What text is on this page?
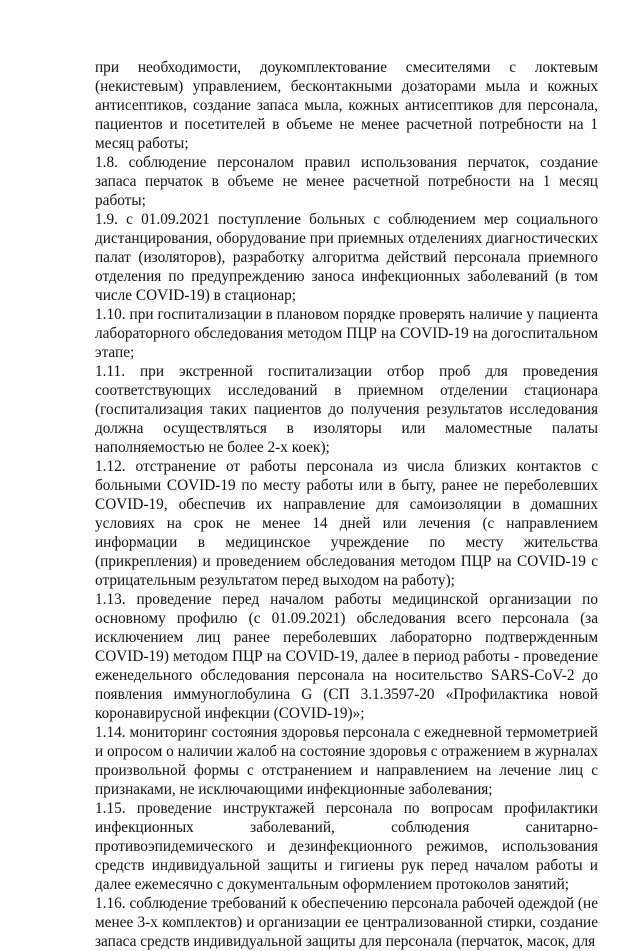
при необходимости, доукомплектование смесителями с локтевым (некистевым) управлением, бесконтакными дозаторами мыла и кожных антисептиков, создание запаса мыла, кожных антисептиков для персонала, пациентов и посетителей в объеме не менее расчетной потребности на 1 месяц работы;

1.8. соблюдение персоналом правил использования перчаток, создание запаса перчаток в объеме не менее расчетной потребности на 1 месяц работы;

1.9. с 01.09.2021 поступление больных с соблюдением мер социального дистанцирования, оборудование при приемных отделениях диагностических палат (изоляторов), разработку алгоритма действий персонала приемного отделения по предупреждению заноса инфекционных заболеваний (в том числе COVID-19) в стационар;

1.10. при госпитализации в плановом порядке проверять наличие у пациента лабораторного обследования методом ПЦР на COVID-19 на догоспитальном этапе;

1.11. при экстренной госпитализации отбор проб для проведения соответствующих исследований в приемном отделении стационара (госпитализация таких пациентов до получения результатов исследования должна осуществляться в изоляторы или маломестные палаты наполняемостью не более 2-х коек);

1.12. отстранение от работы персонала из числа близких контактов с больными COVID-19 по месту работы или в быту, ранее не переболевших COVID-19, обеспечив их направление для самоизоляции в домашних условиях на срок не менее 14 дней или лечения (с направлением информации в медицинское учреждение по месту жительства (прикрепления) и проведением обследования методом ПЦР на COVID-19 с отрицательным результатом перед выходом на работу);

1.13. проведение перед началом работы медицинской организации по основному профилю (с 01.09.2021) обследования всего персонала (за исключением лиц ранее переболевших лабораторно подтвержденным COVID-19) методом ПЦР на COVID-19, далее в период работы - проведение еженедельного обследования персонала на носительство SARS-CoV-2 до появления иммуноглобулина G (СП 3.1.3597-20 «Профилактика новой коронавирусной инфекции (COVID-19)»;

1.14. мониторинг состояния здоровья персонала с ежедневной термометрией и опросом о наличии жалоб на состояние здоровья с отражением в журналах произвольной формы с отстранением и направлением на лечение лиц с признаками, не исключающими инфекционные заболевания;

1.15. проведение инструктажей персонала по вопросам профилактики инфекционных заболеваний, соблюдения санитарно-противоэпидемического и дезинфекционного режимов, использования средств индивидуальной защиты и гигиены рук перед началом работы и далее ежемесячно с документальным оформлением протоколов занятий;

1.16. соблюдение требований к обеспечению персонала рабочей одеждой (не менее 3-х комплектов) и организации ее централизованной стирки, создание запаса средств индивидуальной защиты для персонала (перчаток, масок, для
